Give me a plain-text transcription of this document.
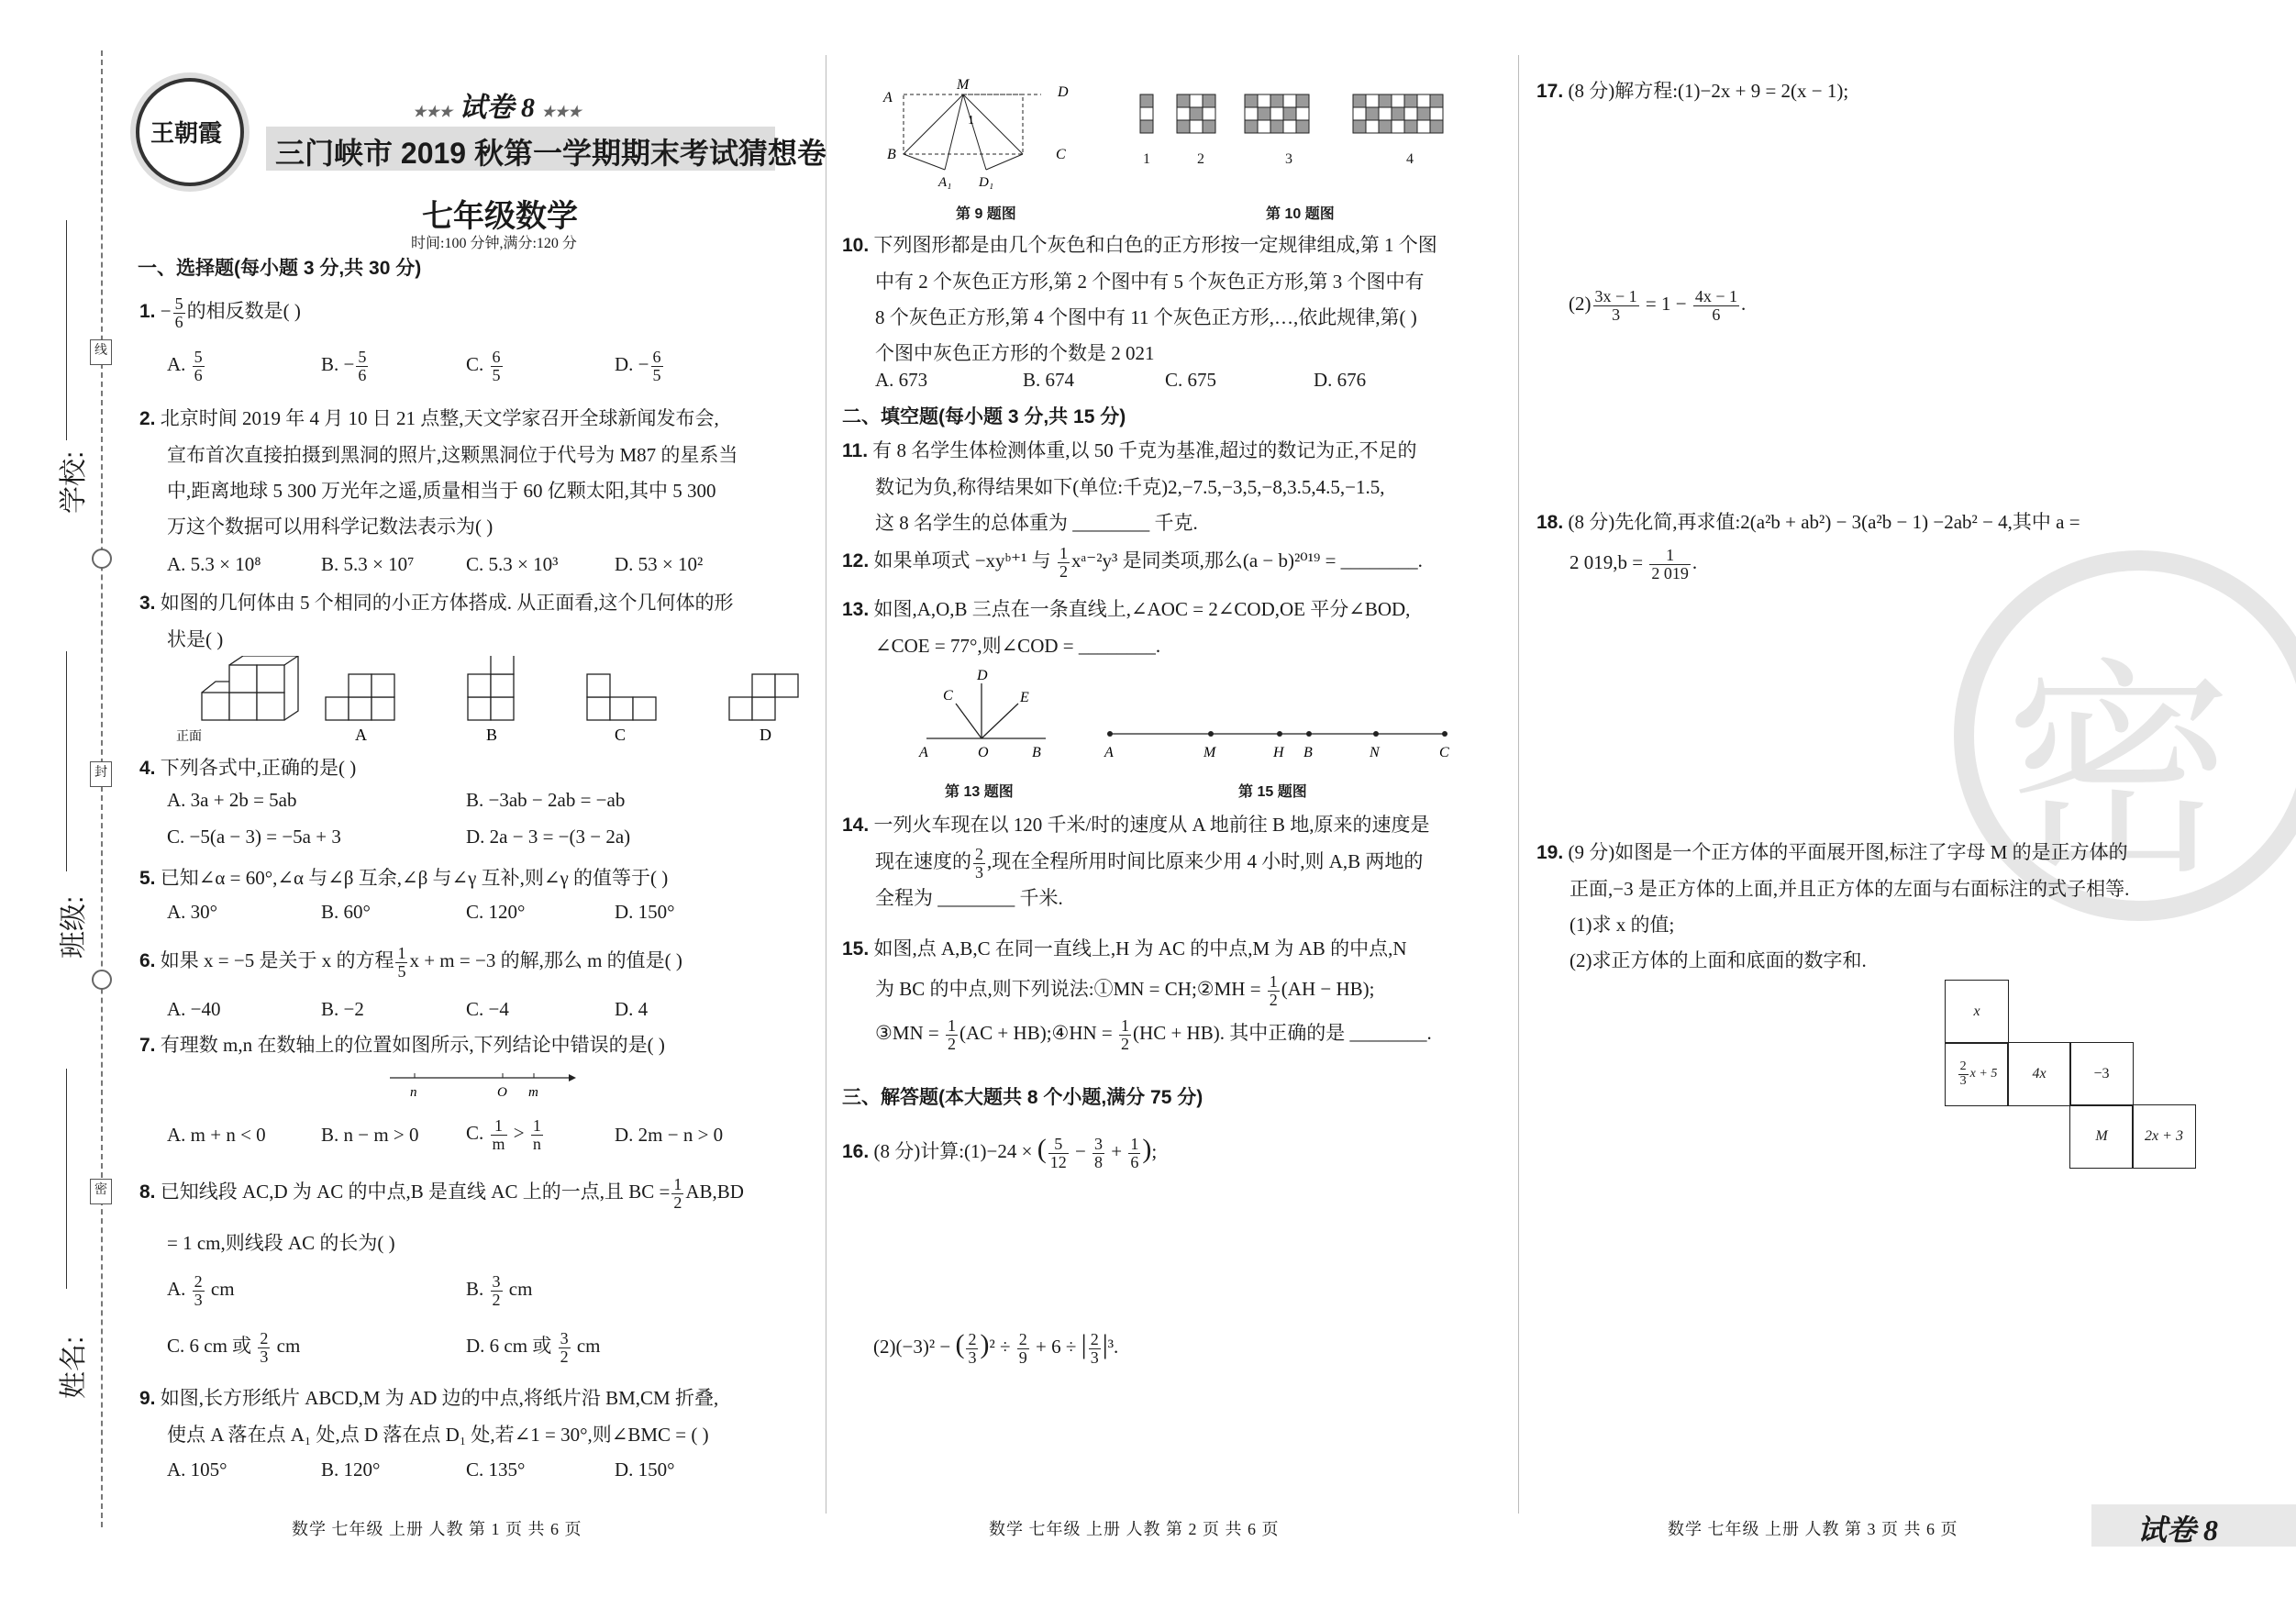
学校:
班级:
姓名:
线
封
密
王朝霞
★★★ 试卷 8 ★★★
三门峡市 2019 秋第一学期期末考试猜想卷
七年级数学
时间:100 分钟,满分:120 分
一、选择题(每小题 3 分,共 30 分)
1. − $\frac{5}{6}$ 的相反数是( )
A. $\frac{5}{6}$	B. − $\frac{5}{6}$	C. $\frac{6}{5}$	D. − $\frac{6}{5}$
2. 北京时间 2019 年 4 月 10 日 21 点整,天文学家召开全球新闻发布会,
宣布首次直接拍摄到黑洞的照片,这颗黑洞位于代号为 M87 的星系当
中,距离地球 5 300 万光年之遥,质量相当于 60 亿颗太阳,其中 5 300
万这个数据可以用科学记数法表示为( )
A. 5.3 × 10⁸	B. 5.3 × 10⁷	C. 5.3 × 10³	D. 53 × 10²
3. 如图的几何体由 5 个相同的小正方体搭成. 从正面看,这个几何体的形
状是( )
正面	A	B	C	D
4. 下列各式中,正确的是( )
A. 3a + 2b = 5ab	B. −3ab − 2ab = −ab
C. −5(a − 3) = −5a + 3	D. 2a − 3 = −(3 − 2a)
5. 已知∠α = 60°,∠α 与∠β 互余,∠β 与∠γ 互补,则∠γ 的值等于( )
A. 30°	B. 60°	C. 120°	D. 150°
6. 如果 x = −5 是关于 x 的方程 $\frac{1}{5}$ x + m = −3 的解,那么 m 的值是( )
A. −40	B. −2	C. −4	D. 4
7. 有理数 m,n 在数轴上的位置如图所示,下列结论中错误的是( )
n	O m
A. m + n < 0	B. n − m > 0 C. $\frac{1}{m} > \frac{1}{n}$	D. 2m − n > 0
8. 已知线段 AC,D 为 AC 的中点,B 是直线 AC 上的一点,且 BC = $\frac{1}{2} AB,BD$
= 1 cm,则线段 AC 的长为( )
A. $\frac{2}{3}$ cm	B. $\frac{3}{2}$ cm
C. 6 cm 或 $\frac{2}{3}$ cm	D. 6 cm 或 $\frac{3}{2}$ cm
9. 如图,长方形纸片 ABCD,M 为 AD 边的中点,将纸片沿 BM,CM 折叠,
使点 A 落在点 A₁ 处,点 D 落在点 D₁ 处,若∠1 = 30°,则∠BMC = ( )
A. 105°	B. 120°	C. 135°	D. 150°
数学 七年级 上册 人教 第 1 页 共 6 页
A
M	D
B	C
A₁ D₁
1
第 9 题图	第 10 题图
1	2	3	4
10. 下列图形都是由几个灰色和白色的正方形按一定规律组成,第 1 个图
中有 2 个灰色正方形,第 2 个图中有 5 个灰色正方形,第 3 个图中有
8 个灰色正方形,第 4 个图中有 11 个灰色正方形,…,依此规律,第( )
个图中灰色正方形的个数是 2 021
A. 673	B. 674	C. 675	D. 676
二、填空题(每小题 3 分,共 15 分)
11. 有 8 名学生体检测体重,以 50 千克为基准,超过的数记为正,不足的
数记为负,称得结果如下(单位:千克)2,−7.5,−3,5,−8,3.5,4.5,−1.5,
这 8 名学生的总体重为 ________ 千克.
12. 如果单项式 −xyᵇ⁺¹ 与 $\frac{1}{2}$ xᵃ⁻²y³ 是同类项,那么(a − b)²⁰¹⁹ = ________.
13. 如图,A,O,B 三点在一条直线上,∠AOC = 2∠COD,OE 平分∠BOD,
∠COE = 77°,则∠COD = ________.
A	O	B
C
D
E
第 13 题图
A	M	H B	N	C
第 15 题图
14. 一列火车现在以 120 千米/时的速度从 A 地前往 B 地,原来的速度是
现在速度的 $\frac{2}{3}$ ,现在全程所用时间比原来少用 4 小时,则 A,B 两地的
全程为 ________ 千米.
15. 如图,点 A,B,C 在同一直线上,H 为 AC 的中点,M 为 AB 的中点,N
为 BC 的中点,则下列说法:①MN = CH;②MH = $\frac{1}{2} (AH - HB)$;
③MN = $\frac{1}{2} (AC$ + HB);④HN = $\frac{1}{2} (HC + HB)$. 其中正确的是 ________.
三、解答题(本大题共 8 个小题,满分 75 分)
16. (8 分)计算:(1)−24 × ( $\frac{5}{12} - \frac{3}{8} + \frac{1}{6}$ );
(2)(−3)² − ( $\frac{2}{3} )^2 \div \frac{2}{9} + 6$ ÷ | $\frac{2}{3} |^3$.
数学 七年级 上册 人教 第 2 页 共 6 页
密
17. (8 分)解方程:(1)−2x + 9 = 2(x − 1);
$(2) \frac{3x - 1}{3} = 1 - \frac{4x - 1}{6}$ .
18. (8 分)先化简,再求值:2(a²b + ab²) − 3(a²b − 1) −2ab² − 4,其中 a =
2 $019,b = \frac{1}{2 019}$ .
19. (9 分)如图是一个正方体的平面展开图,标注了字母 M 的是正方体的
正面,−3 是正方体的上面,并且正方体的左面与右面标注的式子相等.
(1)求 x 的值;
(2)求正方体的上面和底面的数字和.
x
$\frac{2}{3}$ x + 5 4x	−3
M	2x + 3
数学 七年级 上册 人教 第 3 页 共 6 页	试卷 8
